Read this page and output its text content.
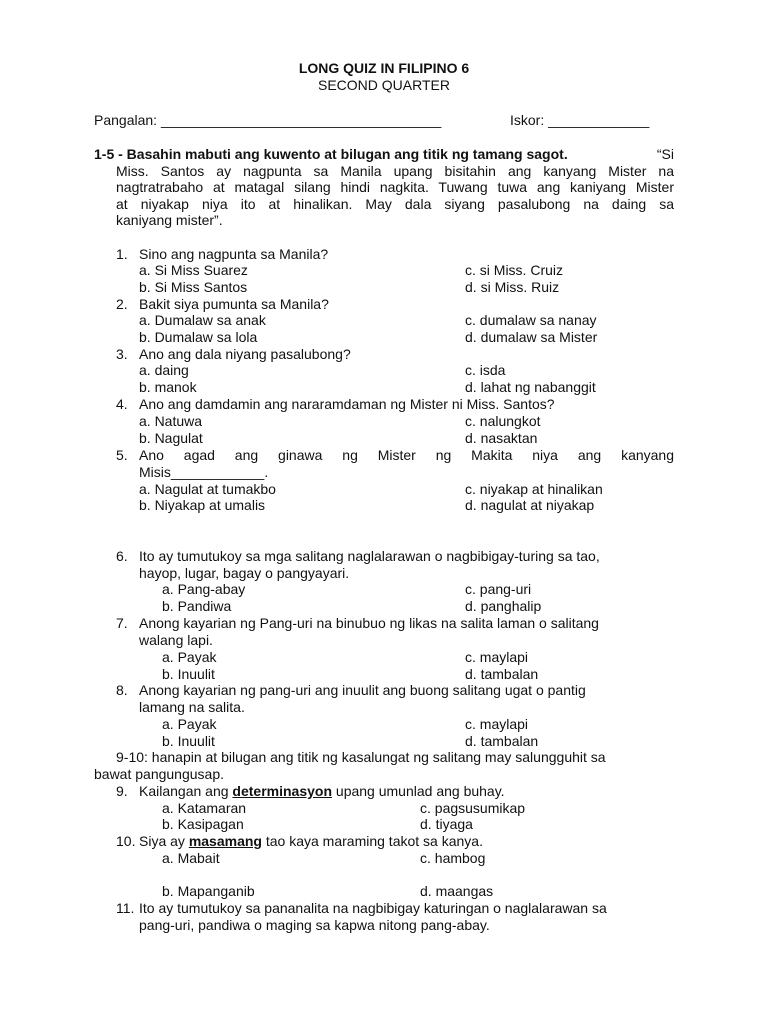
LONG QUIZ IN FILIPINO 6
SECOND QUARTER
Pangalan: ____________________________________	Iskor: _____________
1-5 - Basahin mabuti ang kuwento at bilugan ang titik ng tamang sagot.	“Si
Miss. Santos ay nagpunta sa Manila upang bisitahin ang kanyang Mister na
nagtratrabaho at matagal silang hindi nagkita. Tuwang tuwa ang kaniyang Mister
at niyakap niya ito at hinalikan. May dala siyang pasalubong na daing sa
kaniyang mister”.
1. Sino ang nagpunta sa Manila?
a. Si Miss Suarez	c. si Miss. Cruiz
b. Si Miss Santos	d. si Miss. Ruiz
2. Bakit siya pumunta sa Manila?
a. Dumalaw sa anak	c. dumalaw sa nanay
b. Dumalaw sa lola	d. dumalaw sa Mister
3. Ano ang dala niyang pasalubong?
a. daing	c. isda
b. manok	d. lahat ng nabanggit
4. Ano ang damdamin ang nararamdaman ng Mister ni Miss. Santos?
a. Natuwa	c. nalungkot
b. Nagulat	d. nasaktan
5. Ano agad ang ginawa ng Mister ng Makita niya ang kanyang
Misis____________.
a. Nagulat at tumakbo	c. niyakap at hinalikan
b. Niyakap at umalis	d. nagulat at niyakap
6. Ito ay tumutukoy sa mga salitang naglalarawan o nagbibigay-turing sa tao,
hayop, lugar, bagay o pangyayari.
a. Pang-abay	c. pang-uri
b. Pandiwa	d. panghalip
7. Anong kayarian ng Pang-uri na binubuo ng likas na salita laman o salitang
walang lapi.
a. Payak	c. maylapi
b. Inuulit	d. tambalan
8. Anong kayarian ng pang-uri ang inuulit ang buong salitang ugat o pantig
lamang na salita.
a. Payak	c. maylapi
b. Inuulit	d. tambalan
9-10: hanapin at bilugan ang titik ng kasalungat ng salitang may salungguhit sa
bawat pangungusap.
9. Kailangan ang determinasyon upang umunlad ang buhay.
a. Katamaran	c. pagsusumikap
b. Kasipagan	d. tiyaga
10. Siya ay masamang tao kaya maraming takot sa kanya.
a. Mabait	c. hambog
b. Mapanganib	d. maangas
11. Ito ay tumutukoy sa pananalita na nagbibigay katuringan o naglalarawan sa
pang-uri, pandiwa o maging sa kapwa nitong pang-abay.
